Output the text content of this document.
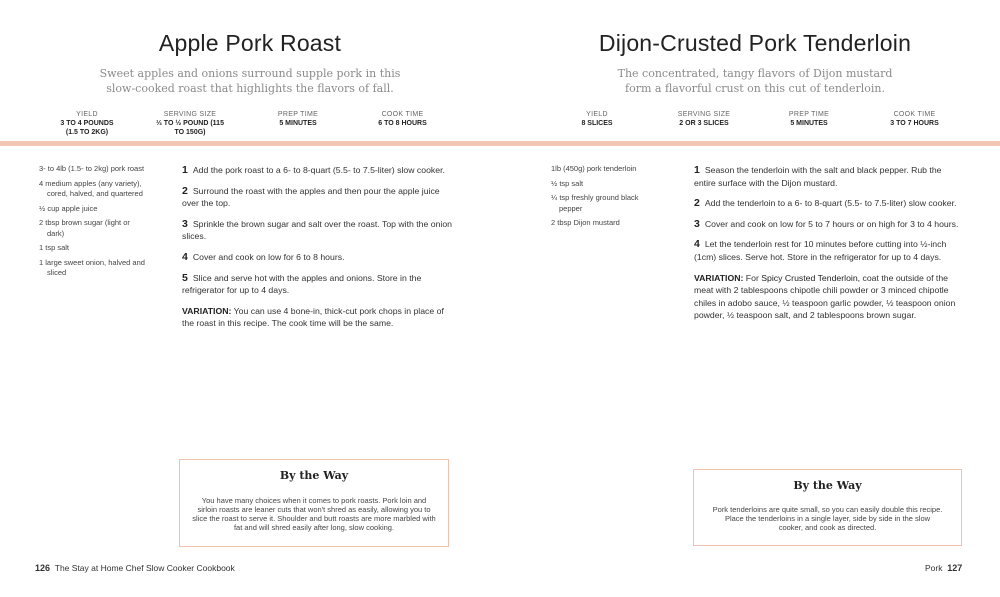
Apple Pork Roast
Sweet apples and onions surround supple pork in this slow-cooked roast that highlights the flavors of fall.
YIELD
3 TO 4 POUNDS (1.5 TO 2KG)
SERVING SIZE
⅓ TO ½ POUND (115 TO 150G)
PREP TIME
5 MINUTES
COOK TIME
6 TO 8 HOURS
3- to 4lb (1.5- to 2kg) pork roast
4 medium apples (any variety), cored, halved, and quartered
½ cup apple juice
2 tbsp brown sugar (light or dark)
1 tsp salt
1 large sweet onion, halved and sliced
1 Add the pork roast to a 6- to 8-quart (5.5- to 7.5-liter) slow cooker.
2 Surround the roast with the apples and then pour the apple juice over the top.
3 Sprinkle the brown sugar and salt over the roast. Top with the onion slices.
4 Cover and cook on low for 6 to 8 hours.
5 Slice and serve hot with the apples and onions. Store in the refrigerator for up to 4 days.
VARIATION: You can use 4 bone-in, thick-cut pork chops in place of the roast in this recipe. The cook time will be the same.
By the Way
You have many choices when it comes to pork roasts. Pork loin and sirloin roasts are leaner cuts that won't shred as easily, allowing you to slice the roast to serve it. Shoulder and butt roasts are more marbled with fat and will shred easily after long, slow cooking.
126 The Stay at Home Chef Slow Cooker Cookbook
Dijon-Crusted Pork Tenderloin
The concentrated, tangy flavors of Dijon mustard form a flavorful crust on this cut of tenderloin.
YIELD
8 SLICES
SERVING SIZE
2 OR 3 SLICES
PREP TIME
5 MINUTES
COOK TIME
3 TO 7 HOURS
1lb (450g) pork tenderloin
½ tsp salt
¼ tsp freshly ground black pepper
2 tbsp Dijon mustard
1 Season the tenderloin with the salt and black pepper. Rub the entire surface with the Dijon mustard.
2 Add the tenderloin to a 6- to 8-quart (5.5- to 7.5-liter) slow cooker.
3 Cover and cook on low for 5 to 7 hours or on high for 3 to 4 hours.
4 Let the tenderloin rest for 10 minutes before cutting into ½-inch (1cm) slices. Serve hot. Store in the refrigerator for up to 4 days.
VARIATION: For Spicy Crusted Tenderloin, coat the outside of the meat with 2 tablespoons chipotle chili powder or 3 minced chipotle chiles in adobo sauce, ½ teaspoon garlic powder, ½ teaspoon onion powder, ½ teaspoon salt, and 2 tablespoons brown sugar.
By the Way
Pork tenderloins are quite small, so you can easily double this recipe. Place the tenderloins in a single layer, side by side in the slow cooker, and cook as directed.
Pork 127
